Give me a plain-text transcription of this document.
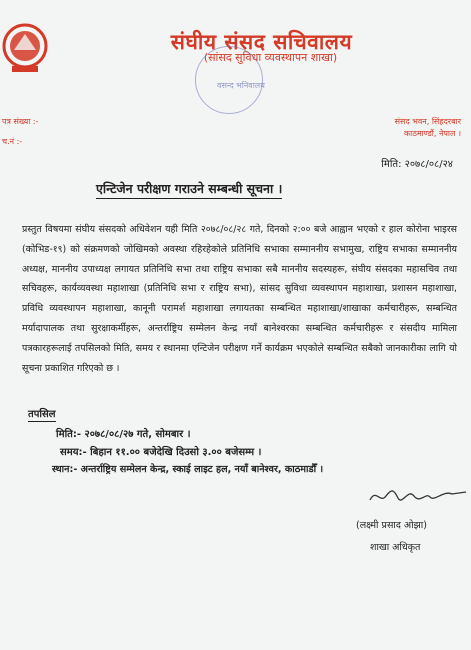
संघीय संसद सचिवालय
(सांसद सुविधा व्यवस्थापन शाखा)
वसन्द भनिवालय
पत्र संख्या :-
च.नं :-
संसद भवन, सिंहदरबार
काठमाण्डौं, नेपाल ।
मिति: २०७८/०८/२४
एन्टिजेन परीक्षण गराउने सम्बन्धी सूचना ।
प्रस्तुत विषयमा संघीय संसदको अधिवेशन यही मिति २०७८/०८/२८ गते, दिनको २:०० बजे आह्वान भएको र हाल कोरोना भाइरस (कोभिड-१९) को संक्रमणको जोखिमको अवस्था रहिरहेकोले प्रतिनिधि सभाका सम्माननीय सभामुख, राष्ट्रिय सभाका सम्माननीय अध्यक्ष, माननीय उपाध्यक्ष लगायत प्रतिनिधि सभा तथा राष्ट्रिय सभाका सबै माननीय सदस्यहरू, संघीय संसदका महासचिव तथा सचिवहरू, कार्यव्यवस्था महाशाखा (प्रतिनिधि सभा र राष्ट्रिय सभा), सांसद सुविधा व्यवस्थापन महाशाखा, प्रशासन महाशाखा, प्रविधि व्यवस्थापन महाशाखा, कानूनी परामर्श महाशाखा लगायतका सम्बन्धित महाशाखा/शाखाका कर्मचारीहरू, सम्बन्धित मर्यादापालक तथा सुरक्षाकर्मीहरू, अन्तर्राष्ट्रिय सम्मेलन केन्द्र नयाँ बानेश्वरका सम्बन्धित कर्मचारीहरू र संसदीय मामिला पत्रकारहरूलाई तपसिलको मिति, समय र स्थानमा एन्टिजेन परीक्षण गर्ने कार्यक्रम भएकोले सम्बन्धित सबैको जानकारीका लागि यो सूचना प्रकाशित गरिएको छ ।
तपसिल
मिति:- २०७८/०८/२७ गते, सोमबार ।
समय:- बिहान ११.०० बजेदेखि दिउसो ३.०० बजेसम्म ।
स्थान:- अन्तर्राष्ट्रिय सम्मेलन केन्द्र, स्काई लाइट हल, नयाँ बानेश्वर, काठमाडौँ ।
(लक्ष्मी प्रसाद ओझा)
शाखा अधिकृत
